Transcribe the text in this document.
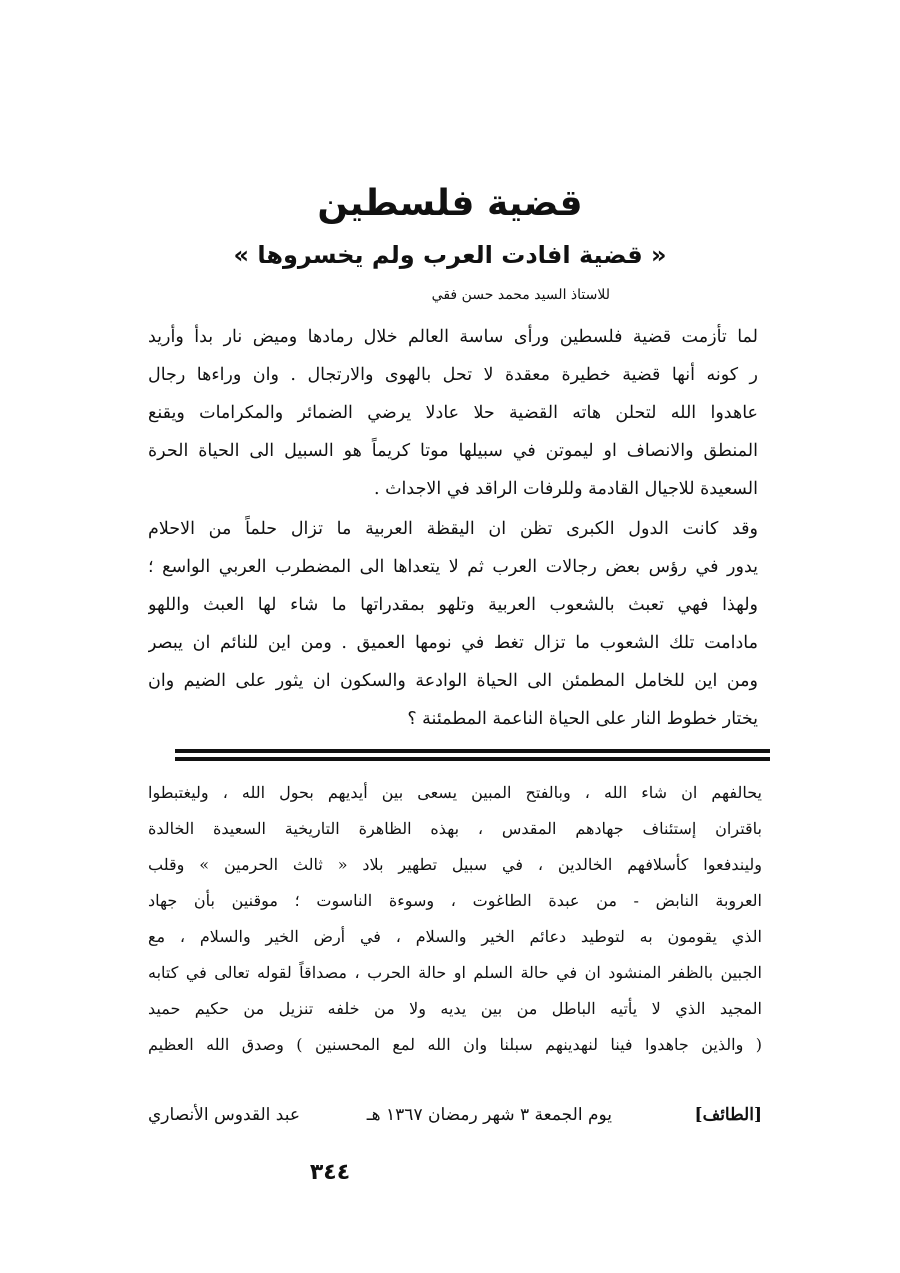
قضية فلسطين
« قضية افادت العرب ولم يخسروها »
للاستاذ السيد محمد حسن فقي
لما تأزمت قضية فلسطين ورأى ساسة العالم خلال رمادها وميض نار بدأ وأريد
ر كونه أنها قضية خطيرة معقدة لا تحل بالهوى والارتجال . وان وراءها رجال
عاهدوا الله لتحلن هاته القضية حلا عادلا يرضي الضمائر والمكرامات ويقنع
المنطق والانصاف او ليموتن في سبيلها موتا كريماً هو السبيل الى الحياة الحرة
السعيدة للاجيال القادمة وللرفات الراقد في الاجداث .
وقد كانت الدول الكبرى تظن ان اليقظة العربية ما تزال حلماً من الاحلام
يدور في رؤس بعض رجالات العرب ثم لا يتعداها الى المضطرب العربي الواسع ؛
ولهذا فهي تعبث بالشعوب العربية وتلهو بمقدراتها ما شاء لها العبث واللهو
مادامت تلك الشعوب ما تزال تغط في نومها العميق . ومن اين للنائم ان يبصر
ومن اين للخامل المطمئن الى الحياة الوادعة والسكون ان يثور على الضيم وان
يختار خطوط النار على الحياة الناعمة المطمئنة ؟
يحالفهم ان شاء الله ، وبالفتح المبين يسعى بين أيديهم بحول الله ، وليغتبطوا
باقتران إستئناف جهادهم المقدس ، بهذه الظاهرة التاريخية السعيدة الخالدة
وليندفعوا كأسلافهم الخالدين ، في سبيل تطهير بلاد « ثالث الحرمين » وقلب
العروبة النابض - من عبدة الطاغوت ، وسوءة الناسوت ؛ موقنين بأن جهاد
الذي يقومون به لتوطيد دعائم الخير والسلام ، في أرض الخير والسلام ، مع
الجبين بالظفر المنشود ان في حالة السلم او حالة الحرب ، مصداقاً لقوله تعالى في كتابه
المجيد الذي لا يأتيه الباطل من بين يديه ولا من خلفه تنزيل من حكيم حميد
( والذين جاهدوا فينا لنهدينهم سبلنا وان الله لمع المحسنين ) وصدق الله العظيم
[الطائف]
يوم الجمعة ٣ شهر رمضان ١٣٦٧ هـ
عبد القدوس الأنصاري
٣٤٤
